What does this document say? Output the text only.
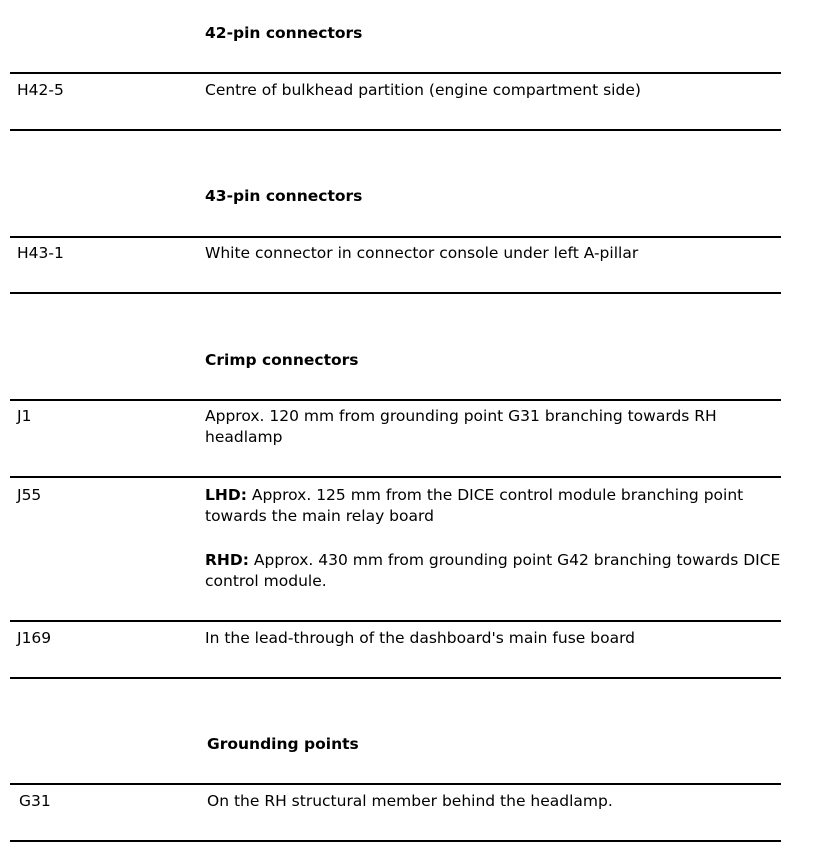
42-pin connectors
H42-5	Centre of bulkhead partition (engine compartment side)
43-pin connectors
H43-1	White connector in connector console under left A-pillar
Crimp connectors
J1	Approx. 120 mm from grounding point G31 branching towards RH headlamp
J55	LHD: Approx. 125 mm from the DICE control module branching point towards the main relay board

RHD: Approx. 430 mm from grounding point G42 branching towards DICE control module.

J169	In the lead-through of the dashboard's main fuse board
Grounding points
G31	On the RH structural member behind the headlamp.
